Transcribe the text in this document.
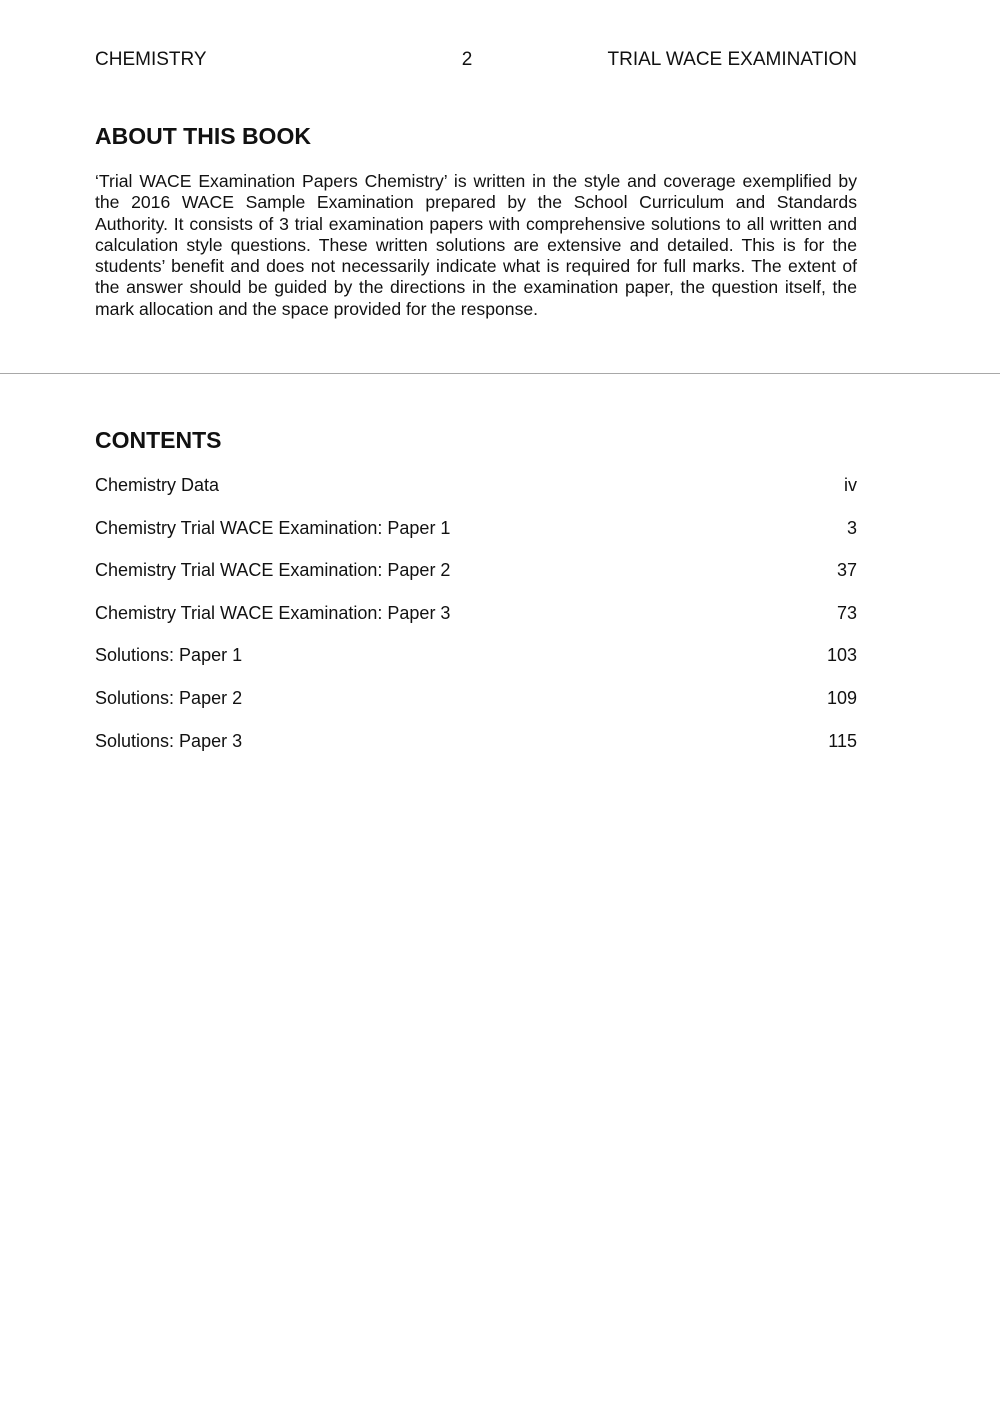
CHEMISTRY	2	TRIAL WACE EXAMINATION
ABOUT THIS BOOK

‘Trial WACE Examination Papers Chemistry’ is written in the style and coverage exemplified by the 2016 WACE Sample Examination prepared by the School Curriculum and Standards Authority. It consists of 3 trial examination papers with comprehensive solutions to all written and calculation style questions. These written solutions are extensive and detailed. This is for the students’ benefit and does not necessarily indicate what is required for full marks. The extent of the answer should be guided by the directions in the examination paper, the question itself, the mark allocation and the space provided for the response.

CONTENTS
Chemistry Data	iv
Chemistry Trial WACE Examination: Paper 1	3
Chemistry Trial WACE Examination: Paper 2	37
Chemistry Trial WACE Examination: Paper 3	73
Solutions: Paper 1	103
Solutions: Paper 2	109
Solutions: Paper 3	115
